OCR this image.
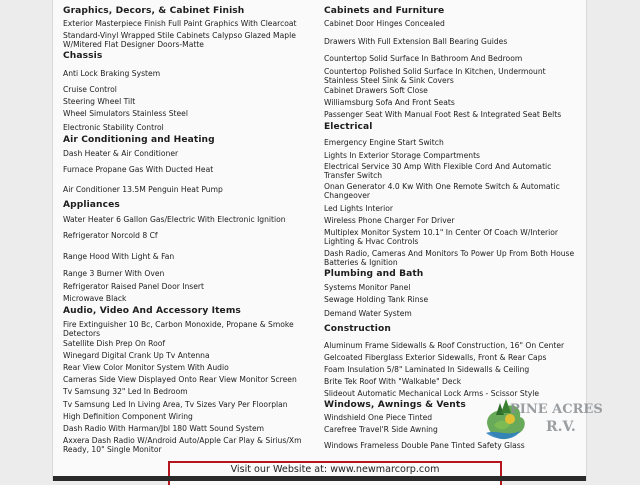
Graphics, Decors, & Cabinet Finish
Exterior Masterpiece Finish Full Paint Graphics With Clearcoat
Standard-Vinyl Wrapped Stile Cabinets Calypso Glazed Maple W/Mitered Flat Designer Doors-Matte
Chassis
Anti Lock Braking System
Cruise Control
Steering Wheel Tilt
Wheel Simulators Stainless Steel
Electronic Stability Control
Air Conditioning and Heating
Dash Heater & Air Conditioner
Furnace Propane Gas With Ducted Heat
Air Conditioner 13.5M Penguin Heat Pump
Appliances
Water Heater 6 Gallon Gas/Electric With Electronic Ignition
Refrigerator Norcold 8 Cf
Range Hood With Light & Fan
Range 3 Burner With Oven
Refrigerator Raised Panel Door Insert
Microwave Black
Audio, Video And Accessory Items
Fire Extinguisher 10 Bc, Carbon Monoxide, Propane & Smoke Detectors
Satellite Dish Prep On Roof
Winegard Digital Crank Up Tv Antenna
Rear View Color Monitor System With Audio
Cameras Side View Displayed Onto Rear View Monitor Screen
Tv Samsung 32" Led In Bedroom
Tv Samsung Led In Living Area, Tv Sizes Vary Per Floorplan
High Definition Component Wiring
Dash Radio With Harman/Jbl 180 Watt Sound System
Axxera Dash Radio W/Android Auto/Apple Car Play & Sirius/Xm Ready, 10" Single Monitor
Cabinets and Furniture
Cabinet Door Hinges Concealed
Drawers With Full Extension Ball Bearing Guides
Countertop Solid Surface In Bathroom And Bedroom
Countertop Polished Solid Surface In Kitchen, Undermount Stainless Steel Sink & Sink Covers
Cabinet Drawers Soft Close
Williamsburg Sofa And Front Seats
Passenger Seat With Manual Foot Rest & Integrated Seat Belts
Electrical
Emergency Engine Start Switch
Lights In Exterior Storage Compartments
Electrical Service 30 Amp With Flexible Cord And Automatic Transfer Switch
Onan Generator 4.0 Kw With One Remote Switch & Automatic Changeover
Led Lights Interior
Wireless Phone Charger For Driver
Multiplex Monitor System 10.1" In Center Of Coach W/Interior Lighting & Hvac Controls
Dash Radio, Cameras And Monitors To Power Up From Both House Batteries & Ignition
Plumbing and Bath
Systems Monitor Panel
Sewage Holding Tank Rinse
Demand Water System
Construction
Aluminum Frame Sidewalls & Roof Construction, 16" On Center
Gelcoated Fiberglass Exterior Sidewalls, Front & Rear Caps
Foam Insulation 5/8" Laminated In Sidewalls & Ceiling
Brite Tek Roof With "Walkable" Deck
Slideout Automatic Mechanical Lock Arms - Scissor Style
Windows, Awnings & Vents
Windshield One Piece Tinted
Carefree Travel'R Side Awning
Windows Frameless Double Pane Tinted Safety Glass
Visit our Website at: www.newmarcorp.com
PINE ACRES
R.V.
